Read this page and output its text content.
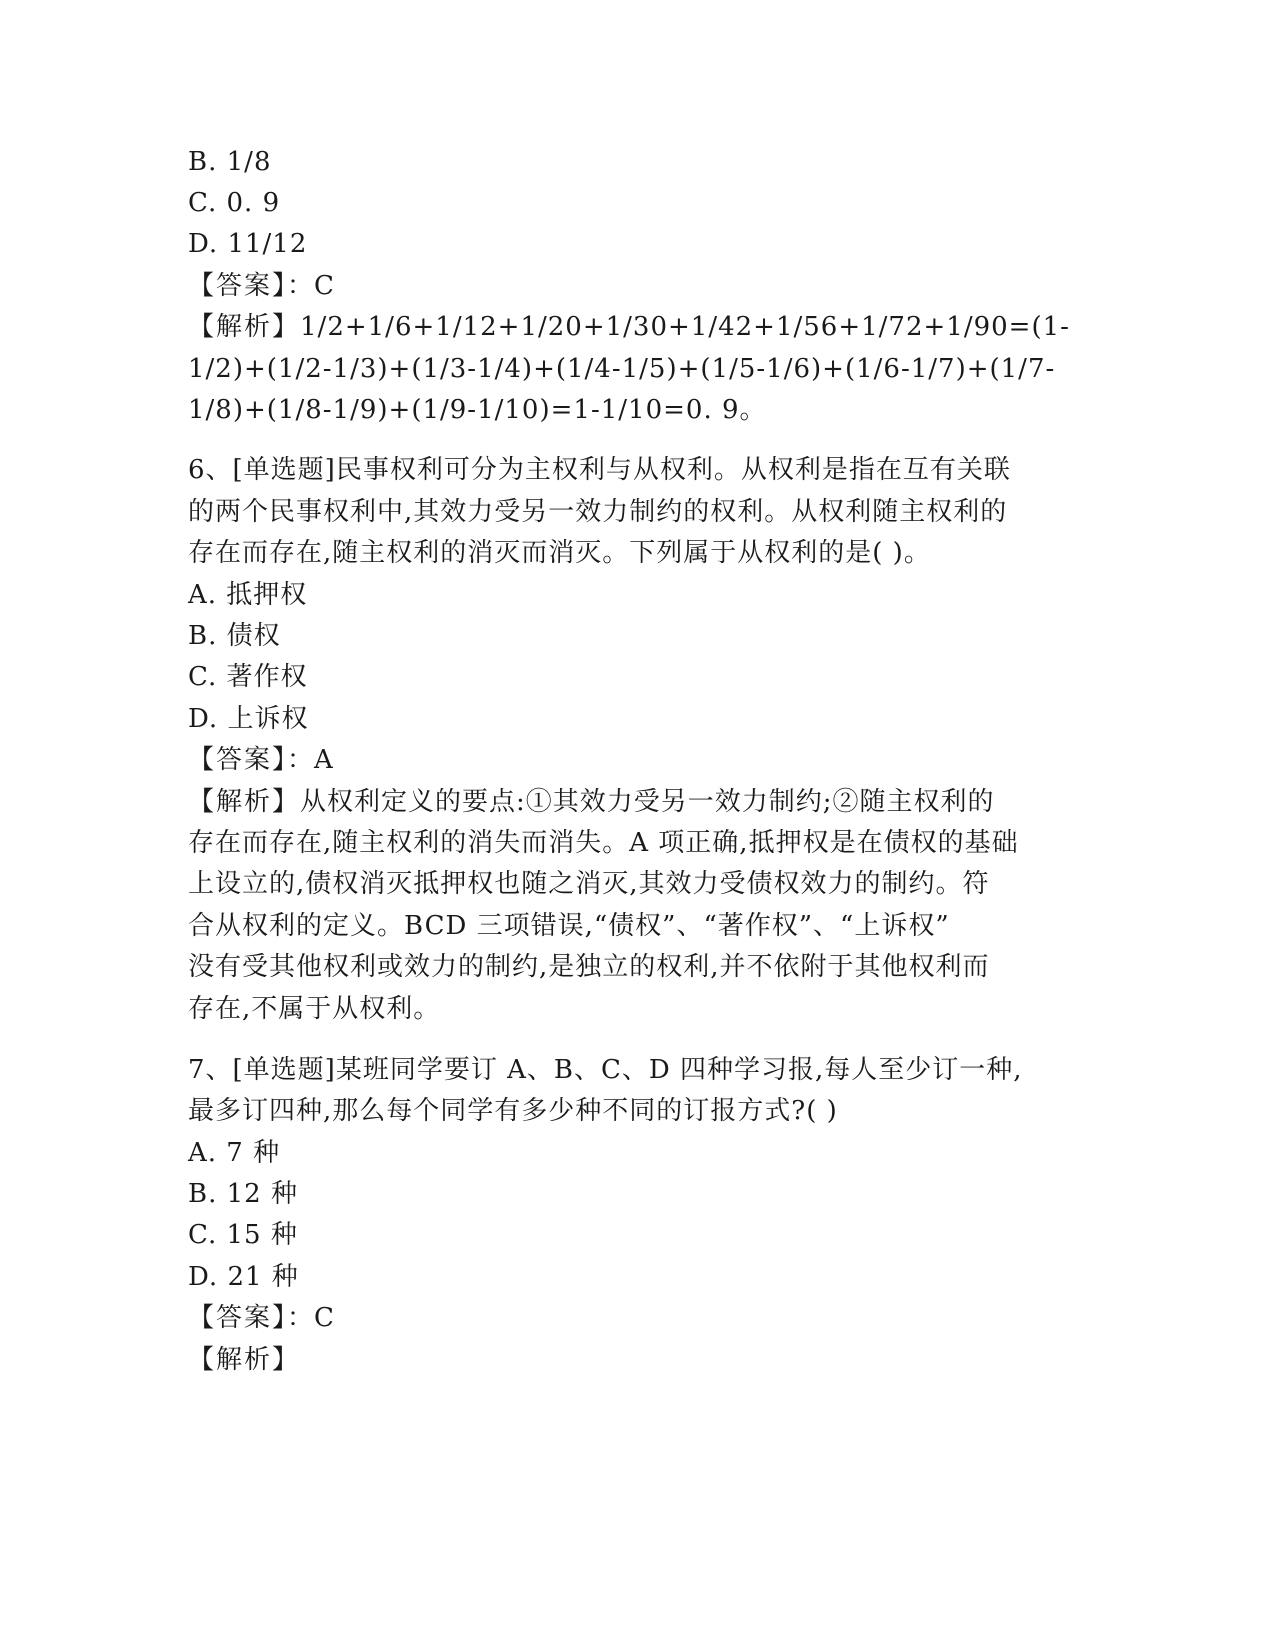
B. 1/8
C. 0. 9
D. 11/12
【答案】：C
【解析】1/2+1/6+1/12+1/20+1/30+1/42+1/56+1/72+1/90=(1-
1/2)+(1/2-1/3)+(1/3-1/4)+(1/4-1/5)+(1/5-1/6)+(1/6-1/7)+(1/7-
1/8)+(1/8-1/9)+(1/9-1/10)=1-1/10=0. 9。
6、[单选题]民事权利可分为主权利与从权利。从权利是指在互有关联
的两个民事权利中,其效力受另一效力制约的权利。从权利随主权利的
存在而存在,随主权利的消灭而消灭。下列属于从权利的是( )。
A. 抵押权
B. 债权
C. 著作权
D. 上诉权
【答案】：A
【解析】从权利定义的要点:①其效力受另一效力制约;②随主权利的
存在而存在,随主权利的消失而消失。A 项正确,抵押权是在债权的基础
上设立的,债权消灭抵押权也随之消灭,其效力受债权效力的制约。符
合从权利的定义。BCD 三项错误,“债权”、“著作权”、“上诉权”
没有受其他权利或效力的制约,是独立的权利,并不依附于其他权利而
存在,不属于从权利。
7、[单选题]某班同学要订 A、B、C、D 四种学习报,每人至少订一种,
最多订四种,那么每个同学有多少种不同的订报方式?( )
A. 7 种
B. 12 种
C. 15 种
D. 21 种
【答案】：C
【解析】
